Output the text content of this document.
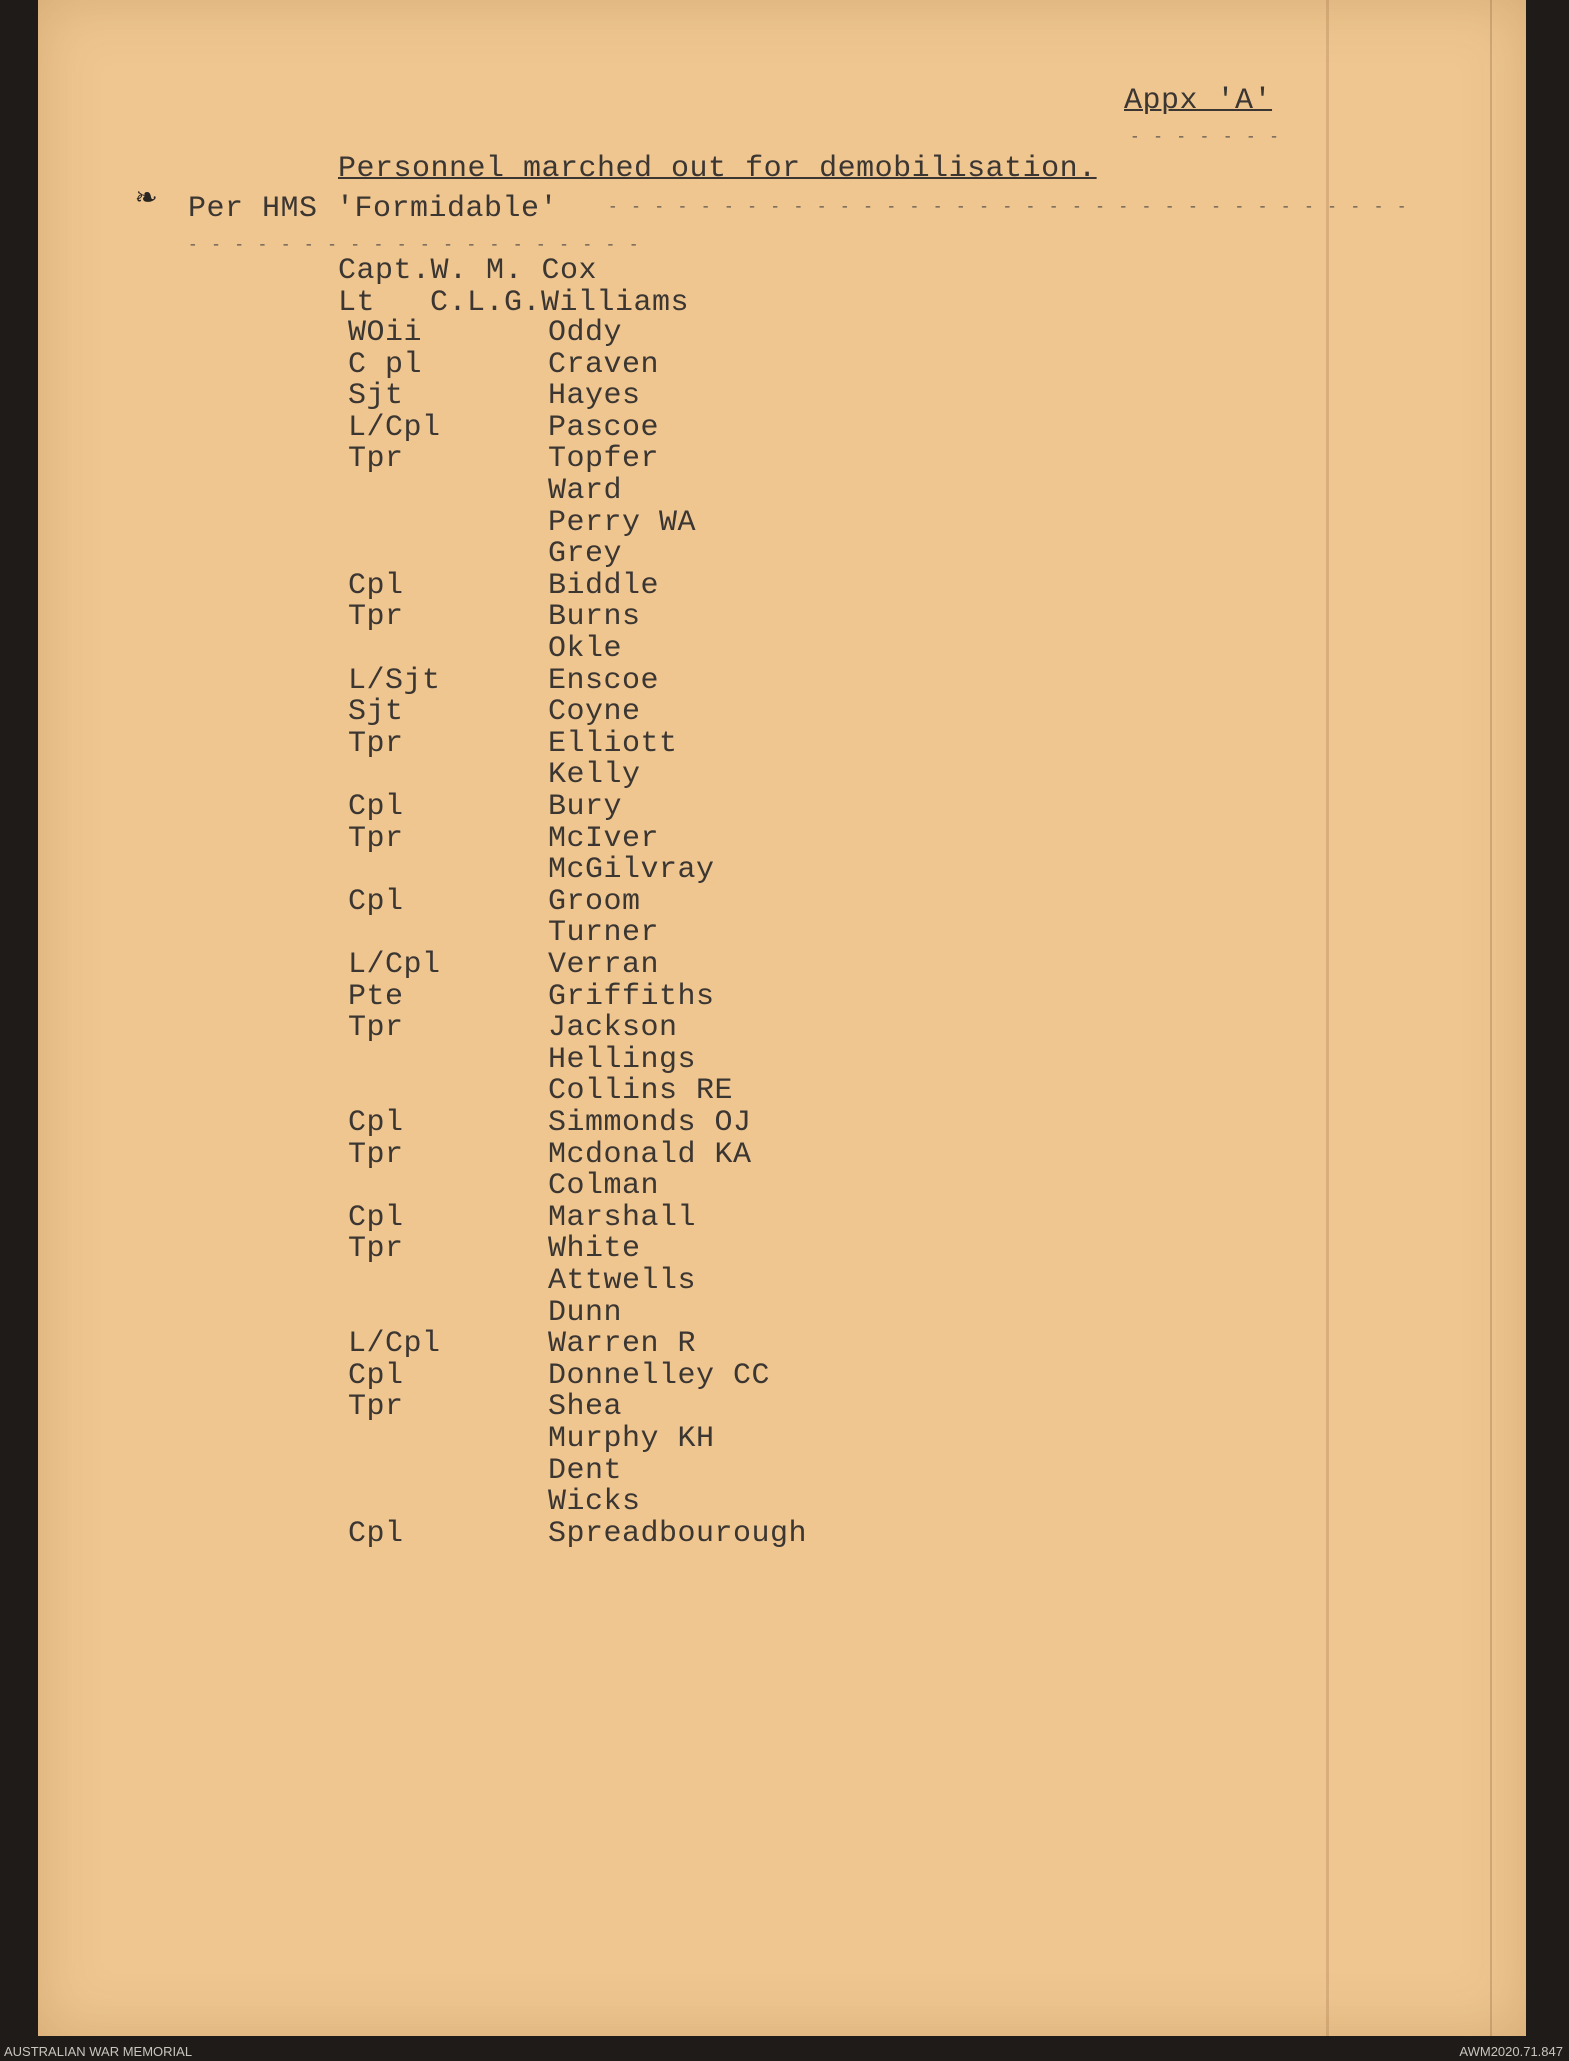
Appx 'A'
- - - - - - -
❧
Personnel marched out for demobilisation.
Per HMS 'Formidable'	- - - - - - - - - - - - - - - - - - - - - - - - - - - - - - - - - - -
- - - - - - - - - - - - - - - - - - - -
Capt.W. M. Cox
Lt C.L.G.Williams
WOii	Oddy
C pl	Craven
Sjt	Hayes
L/Cpl	Pascoe
Tpr	Topfer
Ward
Perry WA
Grey
Cpl	Biddle
Tpr	Burns
Okle
L/Sjt	Enscoe
Sjt	Coyne
Tpr	Elliott
Kelly
Cpl	Bury
Tpr	McIver
McGilvray
Cpl	Groom
Turner
L/Cpl	Verran
Pte	Griffiths
Tpr	Jackson
Hellings
Collins RE
Cpl	Simmonds OJ
Tpr	Mcdonald KA
Colman
Cpl	Marshall
Tpr	White
Attwells
Dunn
L/Cpl	Warren R
Cpl	Donnelley CC
Tpr	Shea
Murphy KH
Dent
Wicks
Cpl	Spreadbourough
AUSTRALIAN WAR MEMORIAL	AWM2020.71.847
